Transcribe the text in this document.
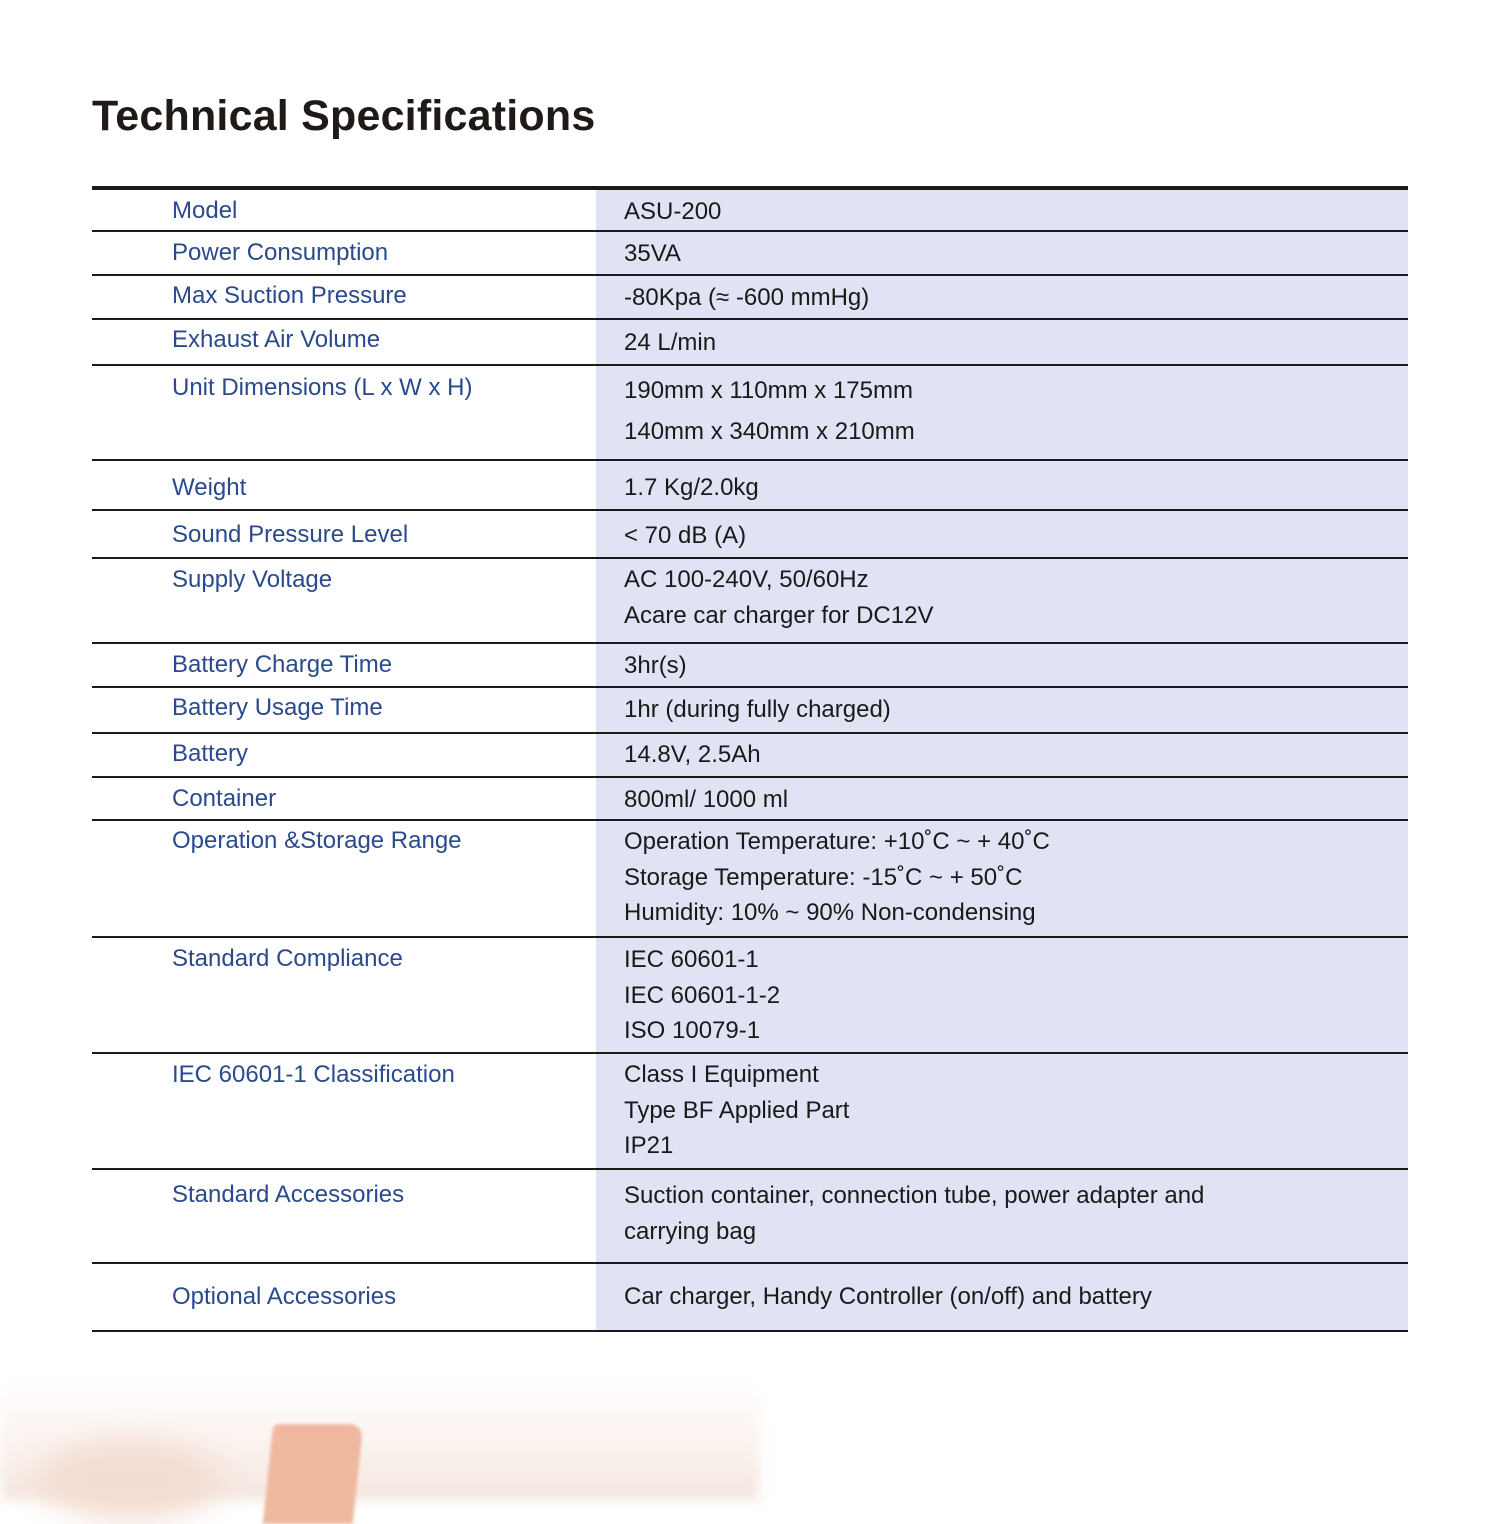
Technical Specifications
Model	ASU-200
Power Consumption	35VA
Max Suction Pressure	-80Kpa (≈ -600 mmHg)
Exhaust Air Volume	24 L/min
Unit Dimensions (L x W x H)	190mm x 110mm x 175mm
140mm x 340mm x 210mm
Weight	1.7 Kg/2.0kg
Sound Pressure Level	< 70 dB (A)
Supply Voltage	AC 100-240V, 50/60Hz
Acare car charger for DC12V
Battery Charge Time	3hr(s)
Battery Usage Time	1hr (during fully charged)
Battery	14.8V, 2.5Ah
Container	800ml/ 1000 ml
Operation &Storage Range	Operation Temperature: +10˚C ~ + 40˚C
Storage Temperature: -15˚C ~ + 50˚C
Humidity: 10% ~ 90% Non-condensing
Standard Compliance	IEC 60601-1
IEC 60601-1-2
ISO 10079-1
IEC 60601-1 Classification	Class I Equipment
Type BF Applied Part
IP21
Standard Accessories	Suction container, connection tube, power adapter and
carrying bag
Optional Accessories	Car charger, Handy Controller (on/off) and battery
